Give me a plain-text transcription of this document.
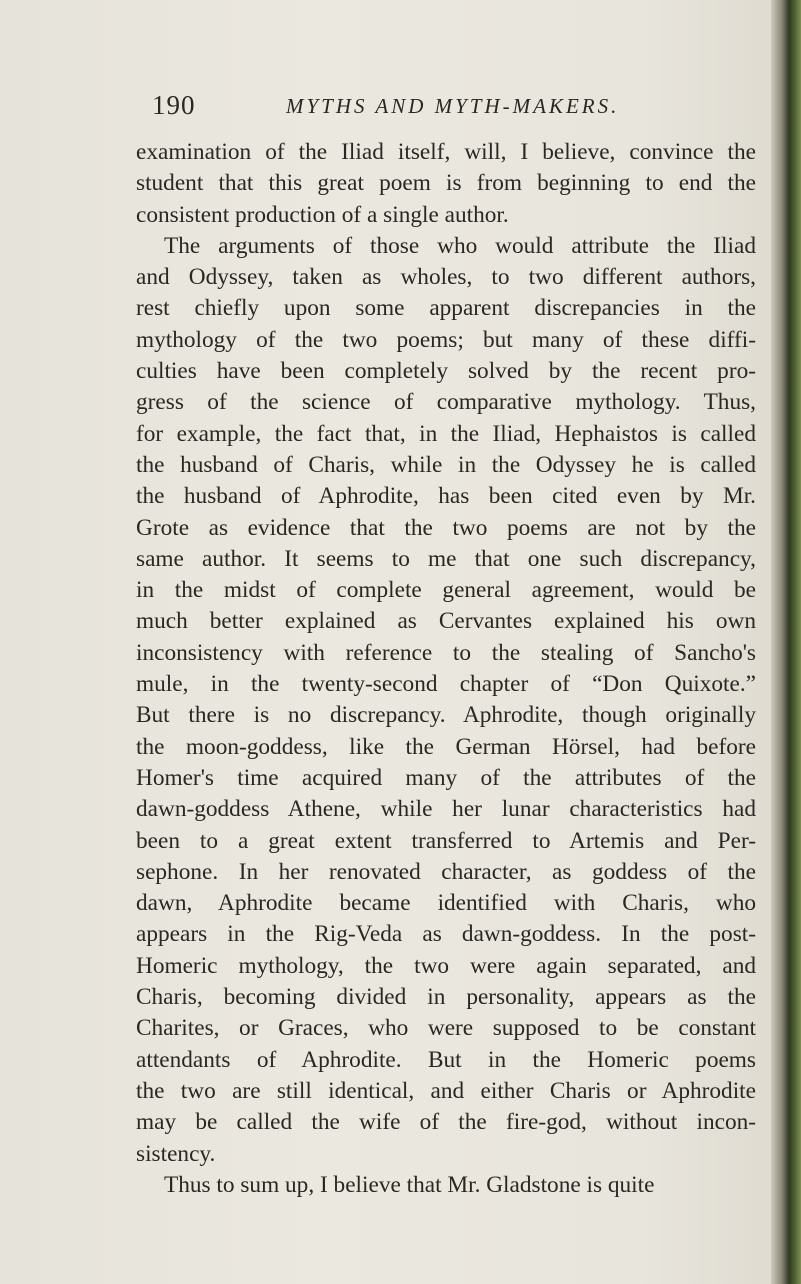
190	MYTHS AND MYTH-MAKERS.
examination of the Iliad itself, will, I believe, convince the
student that this great poem is from beginning to end the
consistent production of a single author.
The arguments of those who would attribute the Iliad
and Odyssey, taken as wholes, to two different authors,
rest chiefly upon some apparent discrepancies in the
mythology of the two poems; but many of these diffi-
culties have been completely solved by the recent pro-
gress of the science of comparative mythology. Thus,
for example, the fact that, in the Iliad, Hephaistos is called
the husband of Charis, while in the Odyssey he is called
the husband of Aphrodite, has been cited even by Mr.
Grote as evidence that the two poems are not by the
same author. It seems to me that one such discrepancy,
in the midst of complete general agreement, would be
much better explained as Cervantes explained his own
inconsistency with reference to the stealing of Sancho's
mule, in the twenty-second chapter of “Don Quixote.”
But there is no discrepancy. Aphrodite, though originally
the moon-goddess, like the German Hörsel, had before
Homer's time acquired many of the attributes of the
dawn-goddess Athene, while her lunar characteristics had
been to a great extent transferred to Artemis and Per-
sephone. In her renovated character, as goddess of the
dawn, Aphrodite became identified with Charis, who
appears in the Rig-Veda as dawn-goddess. In the post-
Homeric mythology, the two were again separated, and
Charis, becoming divided in personality, appears as the
Charites, or Graces, who were supposed to be constant
attendants of Aphrodite. But in the Homeric poems
the two are still identical, and either Charis or Aphrodite
may be called the wife of the fire-god, without incon-
sistency.
Thus to sum up, I believe that Mr. Gladstone is quite
